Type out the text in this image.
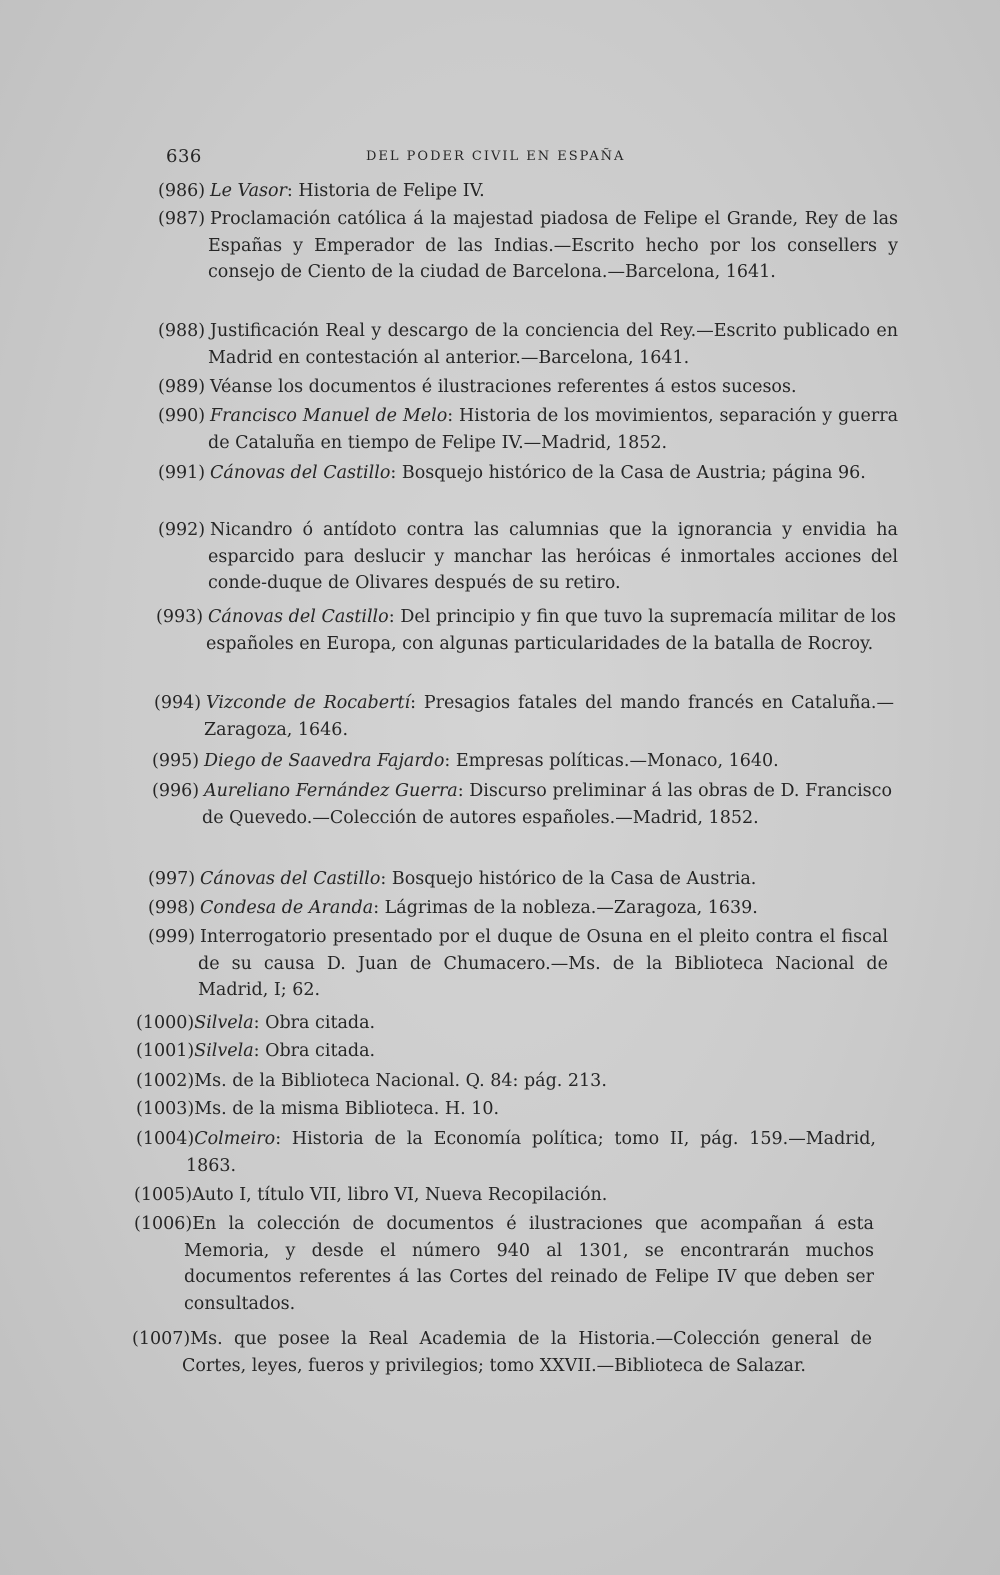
636	DEL PODER CIVIL EN ESPAÑA
(986) Le Vasor: Historia de Felipe IV.
(987) Proclamación católica á la majestad piadosa de Felipe el Grande, Rey de las Españas y Emperador de las Indias.—Escrito hecho por los consellers y consejo de Ciento de la ciudad de Barcelona.—Barcelona, 1641.
(988) Justificación Real y descargo de la conciencia del Rey.—Escrito publicado en Madrid en contestación al anterior.—Barcelona, 1641.
(989) Véanse los documentos é ilustraciones referentes á estos sucesos.
(990) Francisco Manuel de Melo: Historia de los movimientos, separación y guerra de Cataluña en tiempo de Felipe IV.—Madrid, 1852.
(991) Cánovas del Castillo: Bosquejo histórico de la Casa de Austria; página 96.
(992) Nicandro ó antídoto contra las calumnias que la ignorancia y envidia ha esparcido para deslucir y manchar las heróicas é inmortales acciones del conde-duque de Olivares después de su retiro.
(993) Cánovas del Castillo: Del principio y fin que tuvo la supremacía militar de los españoles en Europa, con algunas particularidades de la batalla de Rocroy.
(994) Vizconde de Rocabertí: Presagios fatales del mando francés en Cataluña.—Zaragoza, 1646.
(995) Diego de Saavedra Fajardo: Empresas políticas.—Monaco, 1640.
(996) Aureliano Fernández Guerra: Discurso preliminar á las obras de D. Francisco de Quevedo.—Colección de autores españoles.—Madrid, 1852.
(997) Cánovas del Castillo: Bosquejo histórico de la Casa de Austria.
(998) Condesa de Aranda: Lágrimas de la nobleza.—Zaragoza, 1639.
(999) Interrogatorio presentado por el duque de Osuna en el pleito contra el fiscal de su causa D. Juan de Chumacero.—Ms. de la Biblioteca Nacional de Madrid, I; 62.
(1000)Silvela: Obra citada.
(1001)Silvela: Obra citada.
(1002)Ms. de la Biblioteca Nacional. Q. 84: pág. 213.
(1003)Ms. de la misma Biblioteca. H. 10.
(1004)Colmeiro: Historia de la Economía política; tomo II, pág. 159.—Madrid, 1863.
(1005)Auto I, título VII, libro VI, Nueva Recopilación.
(1006)En la colección de documentos é ilustraciones que acompañan á esta Memoria, y desde el número 940 al 1301, se encontrarán muchos documentos referentes á las Cortes del reinado de Felipe IV que deben ser consultados.
(1007)Ms. que posee la Real Academia de la Historia.—Colección general de Cortes, leyes, fueros y privilegios; tomo XXVII.—Biblioteca de Salazar.
